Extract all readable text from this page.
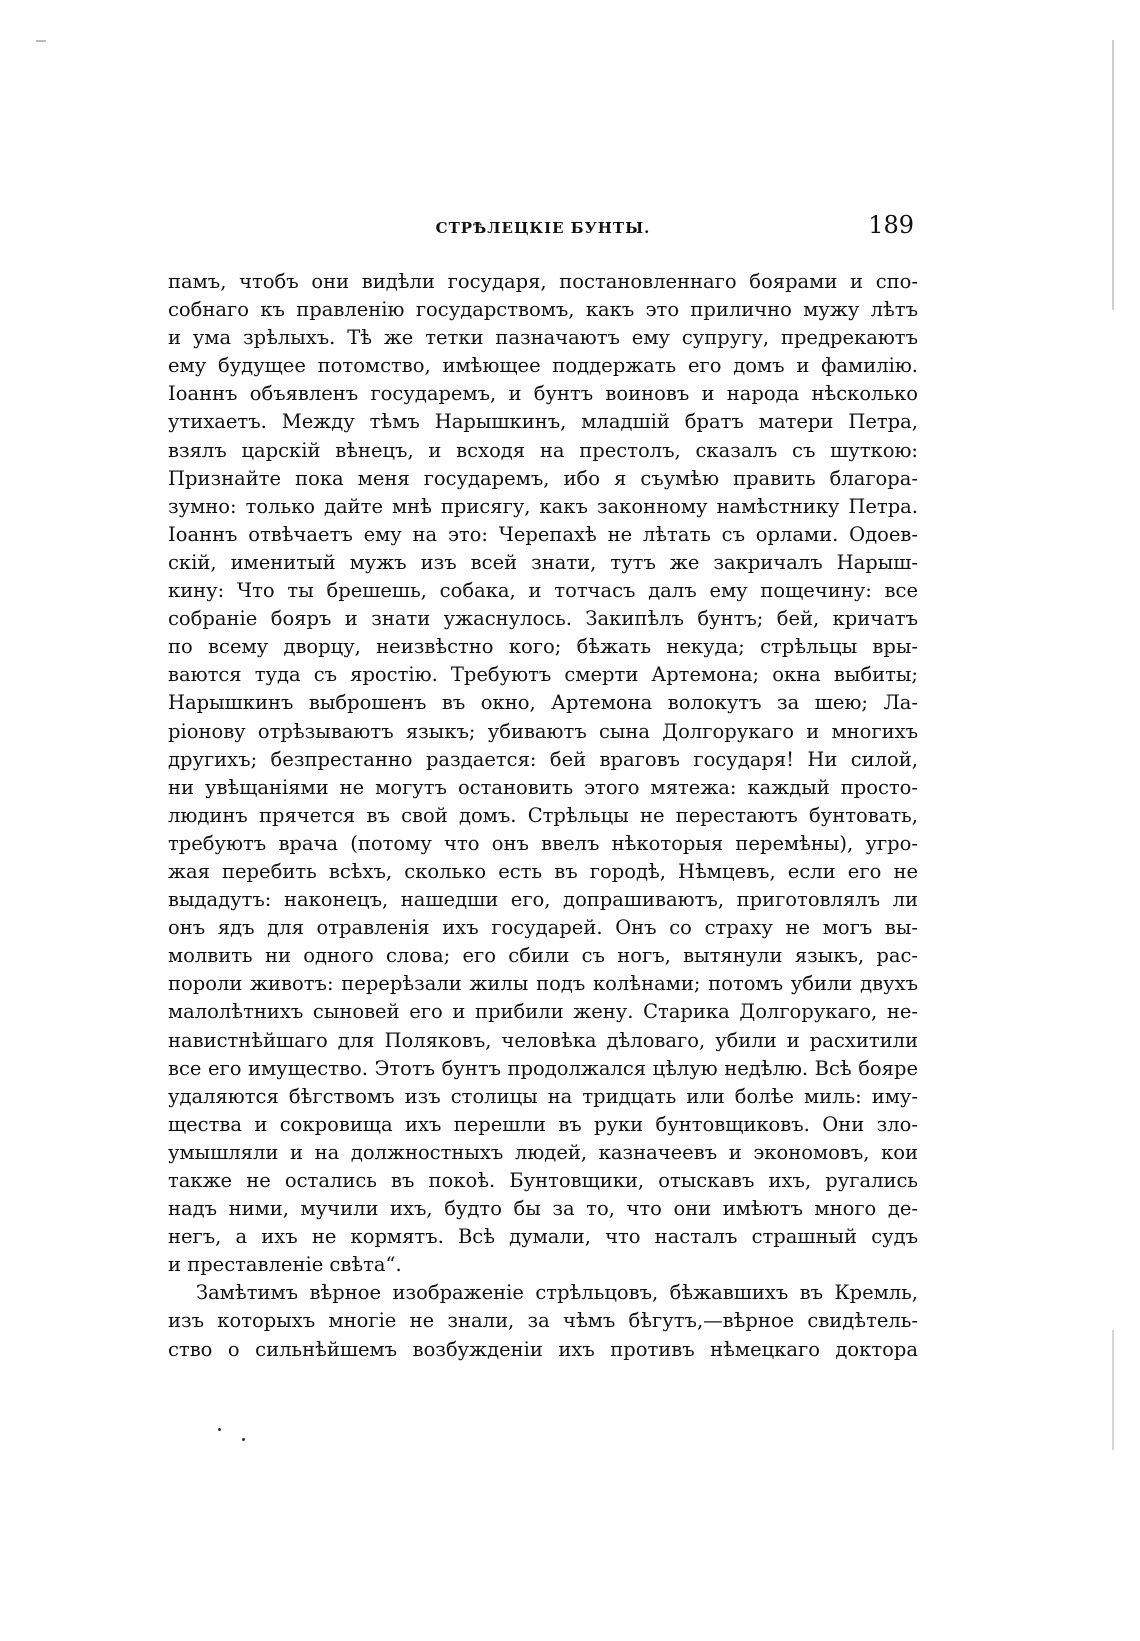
СТРѢЛЕЦКІЕ БУНТЫ.	189
памъ, чтобъ они видѣли государя, постановленнаго боярами и спо-
собнаго къ правленію государствомъ, какъ это прилично мужу лѣтъ
и ума зрѣлыхъ. Тѣ же тетки пазначаютъ ему супругу, предрекаютъ
ему будущее потомство, имѣющее поддержать его домъ и фамилію.
Іоаннъ объявленъ государемъ, и бунтъ воиновъ и народа нѣсколько
утихаетъ. Между тѣмъ Нарышкинъ, младшій братъ матери Петра,
взялъ царскій вѣнецъ, и всходя на престолъ, сказалъ съ шуткою:
Признайте пока меня государемъ, ибо я съумѣю править благора-
зумно: только дайте мнѣ присягу, какъ законному намѣстнику Петра.
Іоаннъ отвѣчаетъ ему на это: Черепахѣ не лѣтать съ орлами. Одоев-
скій, именитый мужъ изъ всей знати, тутъ же закричалъ Нарыш-
кину: Что ты брешешь, собака, и тотчасъ далъ ему пощечину: все
собраніе бояръ и знати ужаснулось. Закипѣлъ бунтъ; бей, кричатъ
по всему дворцу, неизвѣстно кого; бѣжать некуда; стрѣльцы вры-
ваются туда съ яростію. Требуютъ смерти Артемона; окна выбиты;
Нарышкинъ выброшенъ въ окно, Артемона волокутъ за шею; Ла-
ріонову отрѣзываютъ языкъ; убиваютъ сына Долгорукаго и многихъ
другихъ; безпрестанно раздается: бей враговъ государя! Ни силой,
ни увѣщаніями не могутъ остановить этого мятежа: каждый просто-
людинъ прячется въ свой домъ. Стрѣльцы не перестаютъ бунтовать,
требуютъ врача (потому что онъ ввелъ нѣкоторыя перемѣны), угро-
жая перебить всѣхъ, сколько есть въ городѣ, Нѣмцевъ, если его не
выдадутъ: наконецъ, нашедши его, допрашиваютъ, приготовлялъ ли
онъ ядъ для отравленія ихъ государей. Онъ со страху не могъ вы-
молвить ни одного слова; его сбили съ ногъ, вытянули языкъ, рас-
пороли животъ: перерѣзали жилы подъ колѣнами; потомъ убили двухъ
малолѣтнихъ сыновей его и прибили жену. Старика Долгорукаго, не-
навистнѣйшаго для Поляковъ, человѣка дѣловаго, убили и расхитили
все его имущество. Этотъ бунтъ продолжался цѣлую недѣлю. Всѣ бояре
удаляются бѣгствомъ изъ столицы на тридцать или болѣе миль: иму-
щества и сокровища ихъ перешли въ руки бунтовщиковъ. Они зло-
умышляли и на должностныхъ людей, казначеевъ и экономовъ, кои
также не остались въ покоѣ. Бунтовщики, отыскавъ ихъ, ругались
надъ ними, мучили ихъ, будто бы за то, что они имѣютъ много де-
негъ, а ихъ не кормятъ. Всѣ думали, что насталъ страшный судъ
и преставленіе свѣта“.
Замѣтимъ вѣрное изображеніе стрѣльцовъ, бѣжавшихъ въ Кремль,
изъ которыхъ многіе не знали, за чѣмъ бѣгутъ,—вѣрное свидѣтель-
ство о сильнѣйшемъ возбужденіи ихъ противъ нѣмецкаго доктора
